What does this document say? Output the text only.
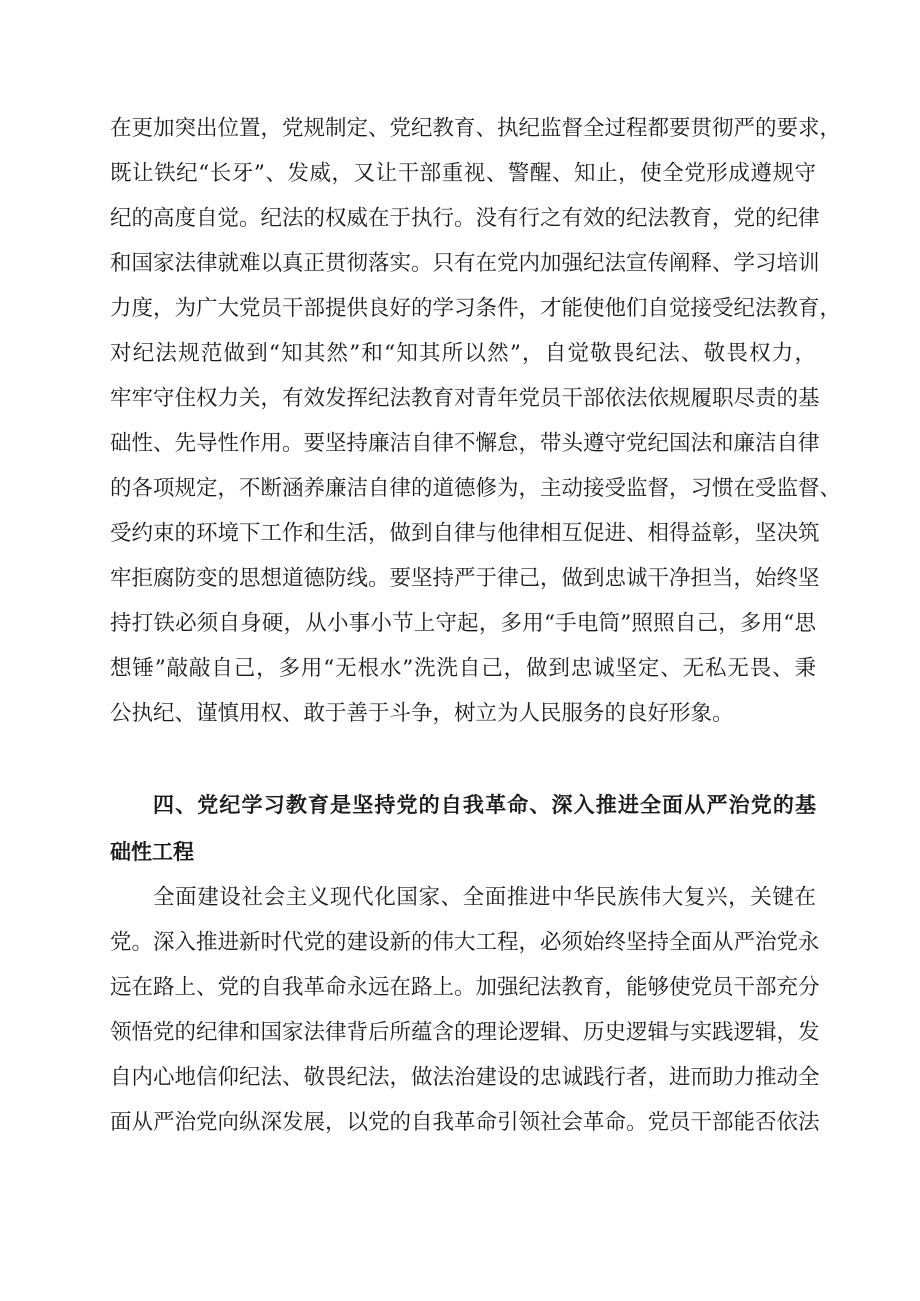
在更加突出位置，党规制定、党纪教育、执纪监督全过程都要贯彻严的要求，
既让铁纪“长牙”、发威，又让干部重视、警醒、知止，使全党形成遵规守
纪的高度自觉。纪法的权威在于执行。没有行之有效的纪法教育，党的纪律
和国家法律就难以真正贯彻落实。只有在党内加强纪法宣传阐释、学习培训
力度，为广大党员干部提供良好的学习条件，才能使他们自觉接受纪法教育，
对纪法规范做到“知其然”和“知其所以然”，自觉敬畏纪法、敬畏权力，
牢牢守住权力关，有效发挥纪法教育对青年党员干部依法依规履职尽责的基
础性、先导性作用。要坚持廉洁自律不懈怠，带头遵守党纪国法和廉洁自律
的各项规定，不断涵养廉洁自律的道德修为，主动接受监督，习惯在受监督、
受约束的环境下工作和生活，做到自律与他律相互促进、相得益彰，坚决筑
牢拒腐防变的思想道德防线。要坚持严于律己，做到忠诚干净担当，始终坚
持打铁必须自身硬，从小事小节上守起，多用“手电筒”照照自己，多用“思
想锤”敲敲自己，多用“无根水”洗洗自己，做到忠诚坚定、无私无畏、秉
公执纪、谨慎用权、敢于善于斗争，树立为人民服务的良好形象。
四、党纪学习教育是坚持党的自我革命、深入推进全面从严治党的基
础性工程
全面建设社会主义现代化国家、全面推进中华民族伟大复兴，关键在
党。深入推进新时代党的建设新的伟大工程，必须始终坚持全面从严治党永
远在路上、党的自我革命永远在路上。加强纪法教育，能够使党员干部充分
领悟党的纪律和国家法律背后所蕴含的理论逻辑、历史逻辑与实践逻辑，发
自内心地信仰纪法、敬畏纪法，做法治建设的忠诚践行者，进而助力推动全
面从严治党向纵深发展，以党的自我革命引领社会革命。党员干部能否依法
